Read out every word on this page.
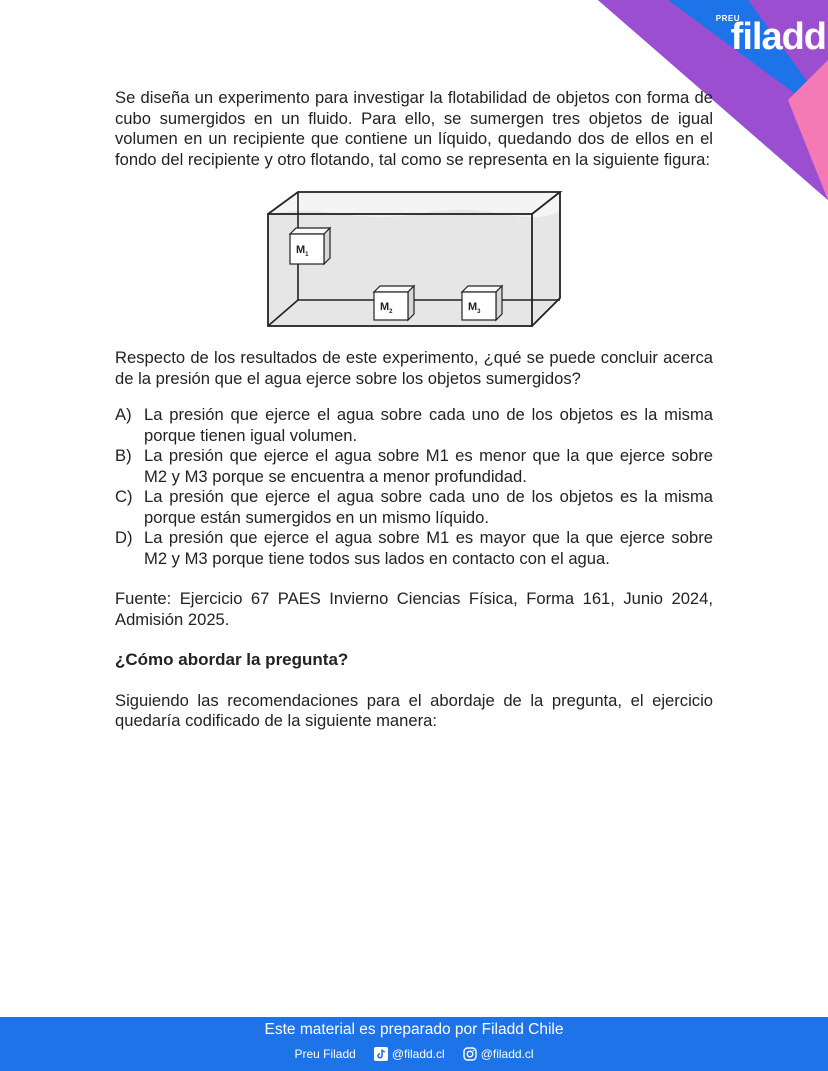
PREU
filadd

Se diseña un experimento para investigar la flotabilidad de objetos con forma de cubo sumergidos en un fluido. Para ello, se sumergen tres objetos de igual volumen en un recipiente que contiene un líquido, quedando dos de ellos en el fondo del recipiente y otro flotando, tal como se representa en la siguiente figura:

$M_1$
$M_2$	$M_3$

Respecto de los resultados de este experimento, ¿qué se puede concluir acerca de la presión que el agua ejerce sobre los objetos sumergidos?

A) La presión que ejerce el agua sobre cada uno de los objetos es la misma porque tienen igual volumen.
B) La presión que ejerce el agua sobre M1 es menor que la que ejerce sobre M2 y M3 porque se encuentra a menor profundidad.
C) La presión que ejerce el agua sobre cada uno de los objetos es la misma porque están sumergidos en un mismo líquido.
D) La presión que ejerce el agua sobre M1 es mayor que la que ejerce sobre M2 y M3 porque tiene todos sus lados en contacto con el agua.

Fuente: Ejercicio 67 PAES Invierno Ciencias Física, Forma 161, Junio 2024, Admisión 2025.

¿Cómo abordar la pregunta?

Siguiendo las recomendaciones para el abordaje de la pregunta, el ejercicio quedaría codificado de la siguiente manera:

Este material es preparado por Filadd Chile
Preu Filadd	@filadd.cl	@filadd.cl
